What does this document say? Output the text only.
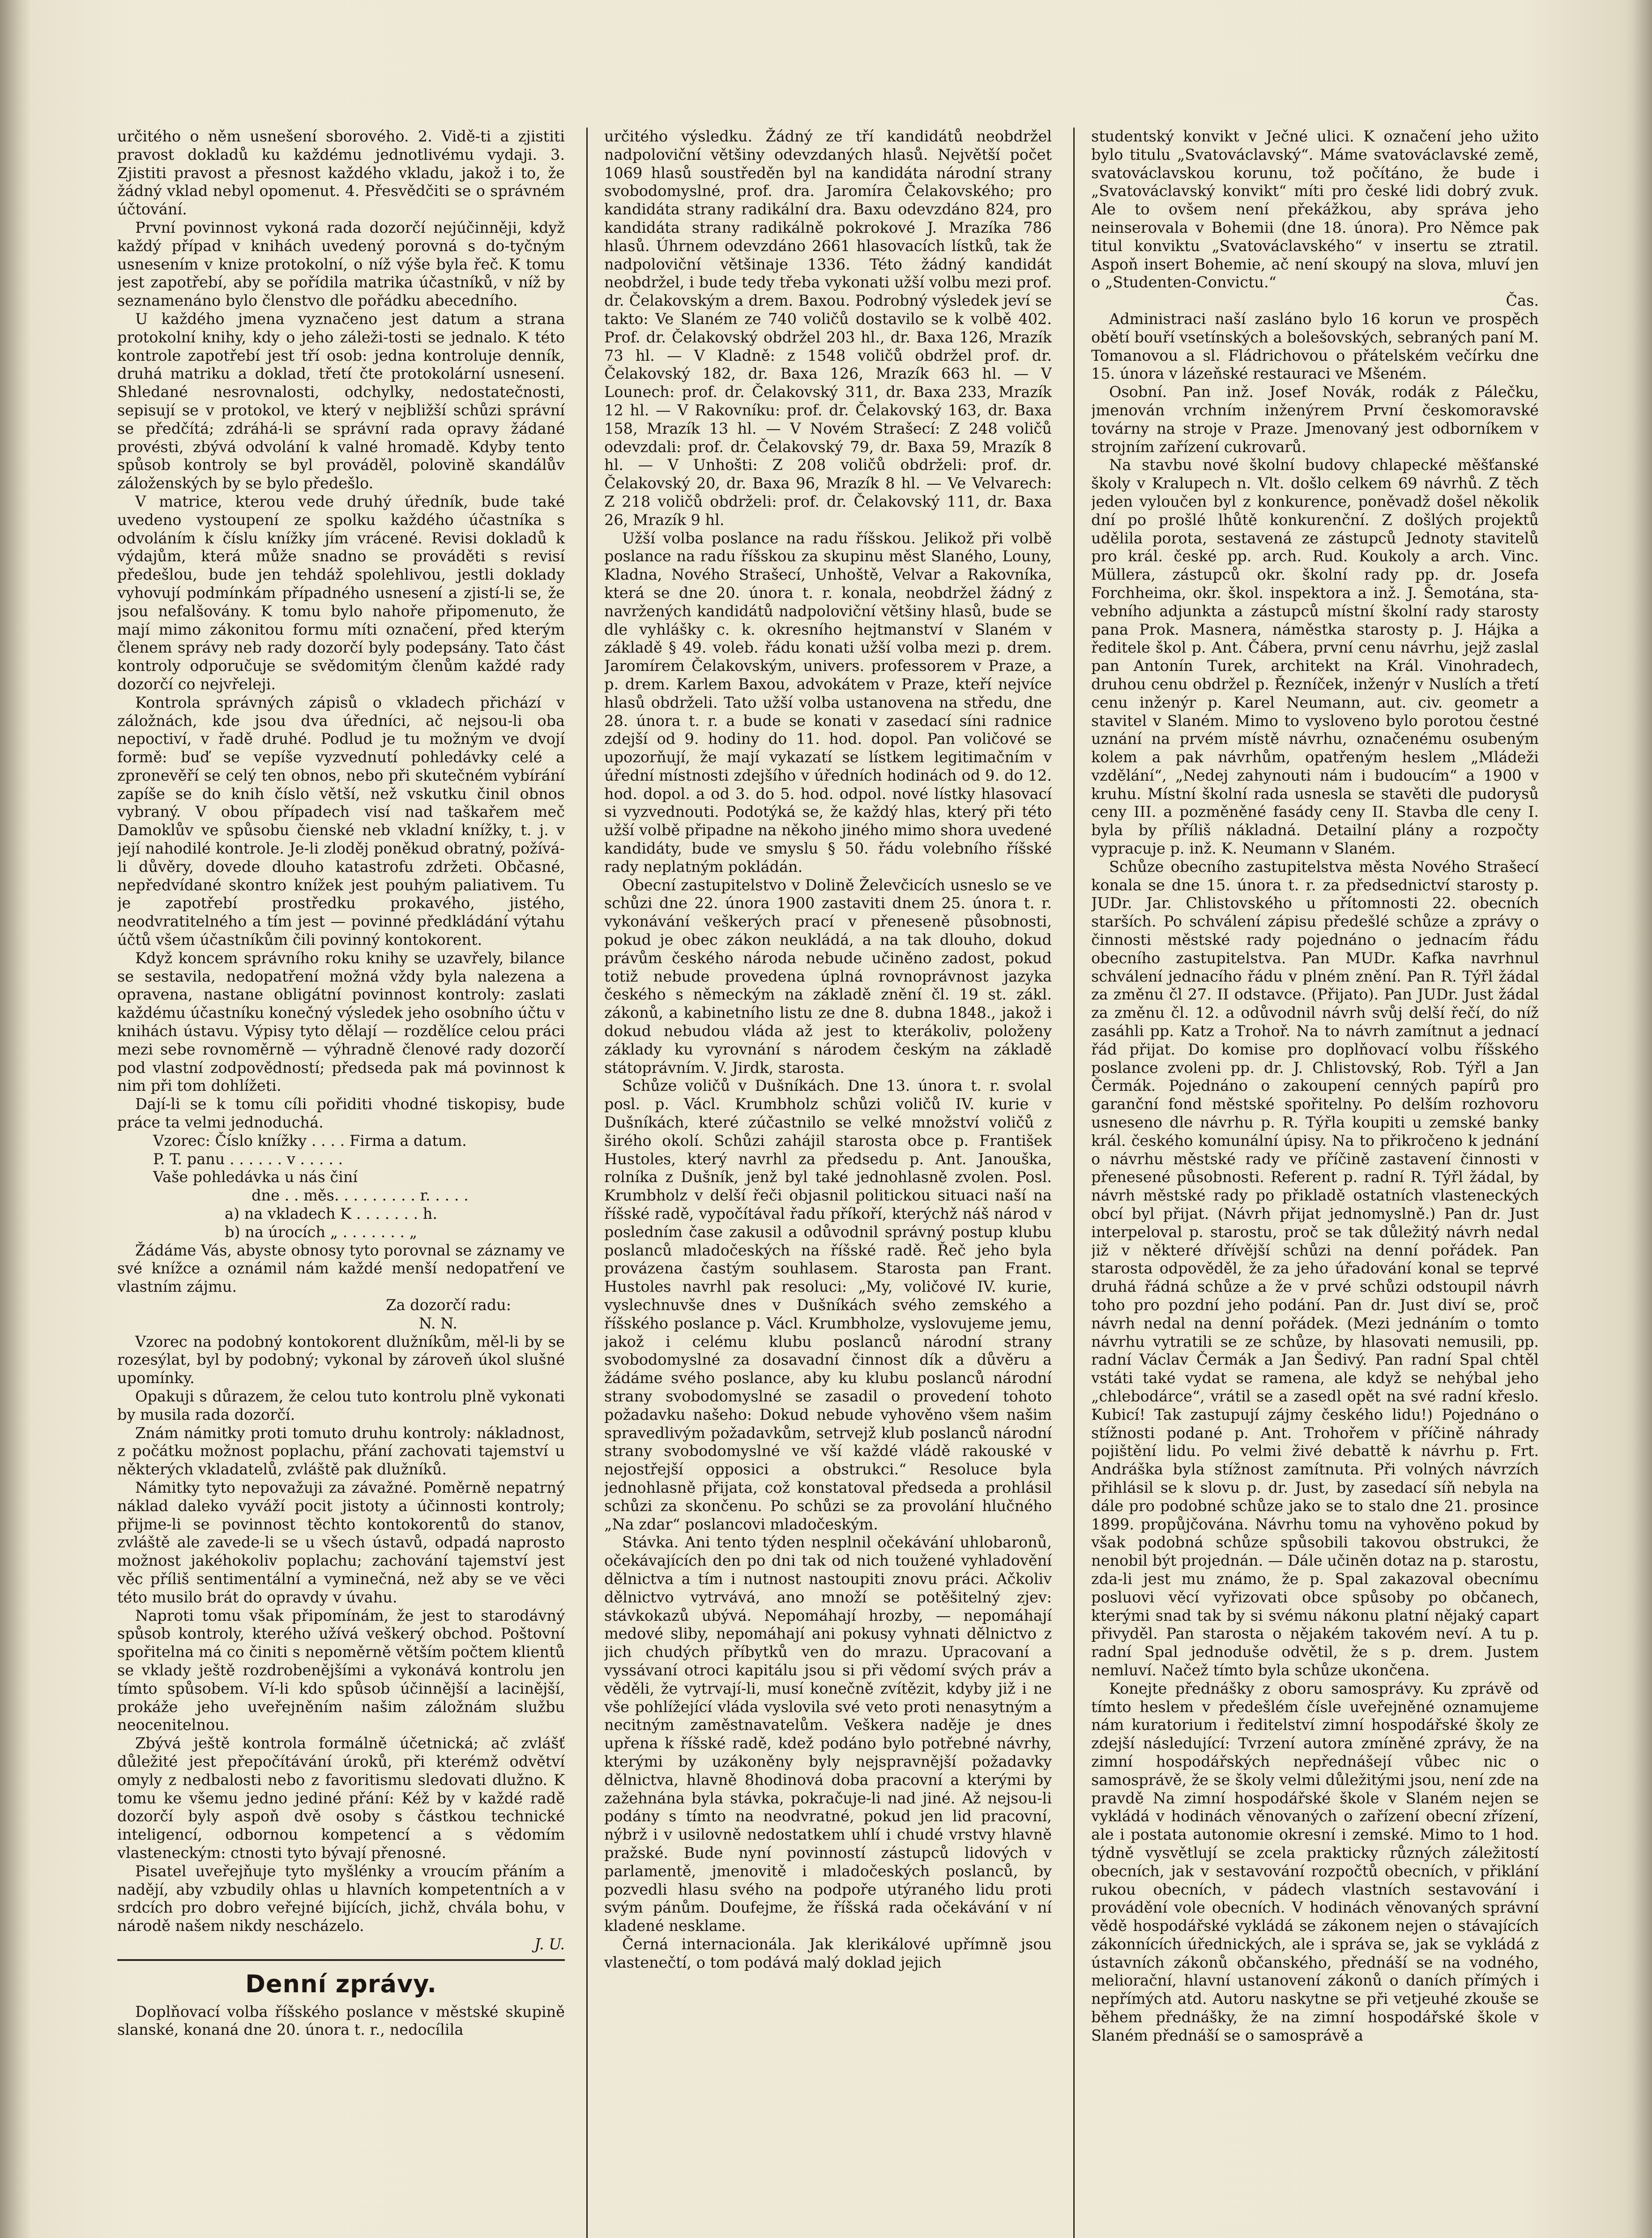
určitého o něm usnešení sborového. 2. Vidě-ti a zjistiti pravost dokladů ku každému jednotlivému vydaji. 3. Zjistiti pravost a přesnost každého vkladu, jakož i to, že žádný vklad nebyl opomenut. 4. Přesvědčiti se o správném účtování.

První povinnost vykoná rada dozorčí nejúčinněji, když každý případ v knihách uvedený porovná s do-tyčným usnesením v knize protokolní, o níž výše byla řeč. K tomu jest zapotřebí, aby se pořídila matrika účastníků, v níž by seznamenáno bylo členstvo dle pořádku abecedního.

U každého jmena vyznačeno jest datum a strana protokolní knihy, kdy o jeho záleži-tosti se jednalo. K této kontrole zapotřebí jest tří osob: jedna kontroluje denník, druhá matriku a doklad, třetí čte protokolární usnesení. Shledané nesrovnalosti, odchylky, nedostatečnosti, sepisují se v protokol, ve který v nejbližší schůzi správní se předčítá; zdráhá-li se správní rada opravy žádané provésti, zbývá odvolání k valné hromadě. Kdyby tento spůsob kontroly se byl prováděl, polovině skandálův záloženských by se bylo předešlo.

V matrice, kterou vede druhý úředník, bude také uvedeno vystoupení ze spolku každého účastníka s odvoláním k číslu knížky jím vrácené. Revisi dokladů k výdajům, která může snadno se prováděti s revisí předešlou, bude jen tehdáž spolehlivou, jestli doklady vyhovují podmínkám případného usnesení a zjistí-li se, že jsou nefalšovány. K tomu bylo nahoře připomenuto, že mají mimo zákonitou formu míti označení, před kterým členem správy neb rady dozorčí byly podepsány. Tato část kontroly odporučuje se svědomitým členům každé rady dozorčí co nejvřeleji.

Kontrola správných zápisů o vkladech přichází v záložnách, kde jsou dva úředníci, ač nejsou-li oba nepoctiví, v řadě druhé. Podlud je tu možným ve dvojí formě: buď se vepíše vyzvednutí pohledávky celé a zpronevěří se celý ten obnos, nebo při skutečném vybírání zapíše se do knih číslo větší, než vskutku činil obnos vybraný. V obou případech visí nad taškařem meč Damoklův ve spůsobu čienské neb vkladní knížky, t. j. v její nahodilé kontrole. Je-li zloděj poněkud obratný, požívá-li důvěry, dovede dlouho katastrofu zdržeti. Občasné, nepředvídané skontro knížek jest pouhým paliativem. Tu je zapotřebí prostředku prokavého, jistého, neodvratitelného a tím jest — povinné předkládání výtahu účtů všem účastníkům čili povinný kontokorent.

Když koncem správního roku knihy se uzavřely, bilance se sestavila, nedopatření možná vždy byla nalezena a opravena, nastane obligátní povinnost kontroly: zaslati každému účastníku konečný výsledek jeho osobního účtu v knihách ústavu. Výpisy tyto dělají — rozdělíce celou práci mezi sebe rovnoměrně — výhradně členové rady dozorčí pod vlastní zodpovědností; předseda pak má povinnost k nim při tom dohlížeti.

Dají-li se k tomu cíli pořiditi vhodné tiskopisy, bude práce ta velmi jednoduchá.

Vzorec: Číslo knížky . . . . Firma a datum.

P. T. panu . . . . . . v . . . . .

Vaše pohledávka u nás činí

dne . . měs. . . . . . . . . r. . . . .

a) na vkladech K . . . . . . . h.

b) na úrocích „ . . . . . . . „

Žádáme Vás, abyste obnosy tyto porovnal se záznamy ve své knížce a oznámil nám každé menší nedopatření ve vlastním zájmu.

Za dozorčí radu:

N. N.

Vzorec na podobný kontokorent dlužníkům, měl-li by se rozesýlat, byl by podobný; vykonal by zároveň úkol slušné upomínky.

Opakuji s důrazem, že celou tuto kontrolu plně vykonati by musila rada dozorčí.

Znám námitky proti tomuto druhu kontroly: nákladnost, z počátku možnost poplachu, přání zachovati tajemství u některých vkladatelů, zvláště pak dlužníků.

Námitky tyto nepovažuji za závažné. Poměrně nepatrný náklad daleko vyváží pocit jistoty a účinnosti kontroly; přijme-li se povinnost těchto kontokorentů do stanov, zvláště ale zavede-li se u všech ústavů, odpadá naprosto možnost jakéhokoliv poplachu; zachování tajemství jest věc příliš sentimentální a vyminečná, než aby se ve věci této musilo brát do opravdy v úvahu.

Naproti tomu však připomínám, že jest to starodávný spůsob kontroly, kterého užívá veškerý obchod. Poštovní spořitelna má co činiti s nepoměrně větším počtem klientů se vklady ještě rozdrobenějšími a vykonává kontrolu jen tímto spůsobem. Ví-li kdo spůsob účinnější a lacinější, prokáže jeho uveřejněním našim záložnám službu neocenitelnou.

Zbývá ještě kontrola formálně účetnická; ač zvlášť důležité jest přepočítávání úroků, při kterémž odvětví omyly z nedbalosti nebo z favoritismu sledovati dlužno. K tomu ke všemu jedno jediné přání: Kéž by v každé radě dozorčí byly aspoň dvě osoby s částkou technické inteligencí, odbornou kompetencí a s vědomím vlasteneckým: ctnosti tyto bývají přenosné.

Pisatel uveřejňuje tyto myšlénky a vroucím přáním a nadějí, aby vzbudily ohlas u hlavních kompetentních a v srdcích pro dobro veřejné bijících, jichž, chvála bohu, v národě našem nikdy nescházelo.

J. U.

Denní zprávy.

Doplňovací volba říšského poslance v městské skupině slanské, konaná dne 20. února t. r., nedocílila

určitého výsledku. Žádný ze tří kandidátů neobdržel nadpoloviční většiny odevzdaných hlasů. Největší počet 1069 hlasů soustředěn byl na kandidáta národní strany svobodomyslné, prof. dra. Jaromíra Čelakovského; pro kandidáta strany radikální dra. Baxu odevzdáno 824, pro kandidáta strany radikálně pokrokové J. Mrazíka 786 hlasů. Úhrnem odevzdáno 2661 hlasovacích lístků, tak že nadpoloviční většinaje 1336. Této žádný kandidát neobdržel, i bude tedy třeba vykonati užší volbu mezi prof. dr. Čelakovským a drem. Baxou. Podrobný výsledek jeví se takto: Ve Slaném ze 740 voličů dostavilo se k volbě 402. Prof. dr. Čelakovský obdržel 203 hl., dr. Baxa 126, Mrazík 73 hl. — V Kladně: z 1548 voličů obdržel prof. dr. Čelakovský 182, dr. Baxa 126, Mrazík 663 hl. — V Lounech: prof. dr. Čelakovský 311, dr. Baxa 233, Mrazík 12 hl. — V Rakovníku: prof. dr. Čelakovský 163, dr. Baxa 158, Mrazík 13 hl. — V Novém Strašecí: Z 248 voličů odevzdali: prof. dr. Čelakovský 79, dr. Baxa 59, Mrazík 8 hl. — V Unhošti: Z 208 voličů obdrželi: prof. dr. Čelakovský 20, dr. Baxa 96, Mrazík 8 hl. — Ve Velvarech: Z 218 voličů obdrželi: prof. dr. Čelakovský 111, dr. Baxa 26, Mrazík 9 hl.

Užší volba poslance na radu říšskou. Jelikož při volbě poslance na radu říšskou za skupinu měst Slaného, Louny, Kladna, Nového Strašecí, Unhoště, Velvar a Rakovníka, která se dne 20. února t. r. konala, neobdržel žádný z navržených kandidátů nadpoloviční většiny hlasů, bude se dle vyhlášky c. k. okresního hejtmanství v Slaném v základě § 49. voleb. řádu konati užší volba mezi p. drem. Jaromírem Čelakovským, univers. professorem v Praze, a p. drem. Karlem Baxou, advokátem v Praze, kteří nejvíce hlasů obdrželi. Tato užší volba ustanovena na středu, dne 28. února t. r. a bude se konati v zasedací síni radnice zdejší od 9. hodiny do 11. hod. dopol. Pan voličové se upozorňují, že mají vykazatí se lístkem legitimačním v úřední místnosti zdejšího v úředních hodinách od 9. do 12. hod. dopol. a od 3. do 5. hod. odpol. nové lístky hlasovací si vyzvednouti. Podotýká se, že každý hlas, který při této užší volbě připadne na někoho jiného mimo shora uvedené kandidáty, bude ve smyslu § 50. řádu volebního říšské rady neplatným pokládán.

Obecní zastupitelstvo v Dolině Želevčicích usneslo se ve schůzi dne 22. února 1900 zastaviti dnem 25. února t. r. vykonávání veškerých prací v přeneseně působnosti, pokud je obec zákon neukládá, a na tak dlouho, dokud právům českého národa nebude učiněno zadost, pokud totiž nebude provedena úplná rovnoprávnost jazyka českého s německým na základě znění čl. 19 st. zákl. zákonů, a kabinetního listu ze dne 8. dubna 1848., jakož i dokud nebudou vláda až jest to kterákoliv, položeny základy ku vyrovnání s národem českým na základě státoprávním. V. Jirdk, starosta.

Schůze voličů v Dušníkách. Dne 13. února t. r. svolal posl. p. Václ. Krumbholz schůzi voličů IV. kurie v Dušníkách, které zúčastnilo se velké množství voličů z širého okolí. Schůzi zahájil starosta obce p. František Hustoles, který navrhl za předsedu p. Ant. Janouška, rolníka z Dušník, jenž byl také jednohlasně zvolen. Posl. Krumbholz v delší řeči objasnil politickou situaci naší na říšské radě, vypočítával řadu příkoří, kterýchž náš národ v posledním čase zakusil a odůvodnil správný postup klubu poslanců mladočeských na říšské radě. Řeč jeho byla provázena častým souhlasem. Starosta pan Frant. Hustoles navrhl pak resoluci: „My, voličové IV. kurie, vyslechnuvše dnes v Dušníkách svého zemského a říšského poslance p. Václ. Krumbholze, vyslovujeme jemu, jakož i celému klubu poslanců národní strany svobodomyslné za dosavadní činnost dík a důvěru a žádáme svého poslance, aby ku klubu poslanců národní strany svobodomyslné se zasadil o provedení tohoto požadavku našeho: Dokud nebude vyhověno všem našim spravedlivým požadavkům, setrvejž klub poslanců národní strany svobodomyslné ve vší každé vládě rakouské v nejostřejší opposici a obstrukci.“ Resoluce byla jednohlasně přijata, což konstatoval předseda a prohlásil schůzi za skončenu. Po schůzi se za provolání hlučného „Na zdar“ poslancovi mladočeským.

Stávka. Ani tento týden nesplnil očekávání uhlobaronů, očekávajících den po dni tak od nich toužené vyhladovění dělnictva a tím i nutnost nastoupiti znovu práci. Ačkoliv dělnictvo vytrvává, ano množí se potěšitelný zjev: stávkokazů ubývá. Nepomáhají hrozby, — nepomáhají medové sliby, nepomáhají ani pokusy vyhnati dělnictvo z jich chudých příbytků ven do mrazu. Upracovaní a vyssávaní otroci kapitálu jsou si při vědomí svých práv a věděli, že vytrvají-li, musí konečně zvítězit, kdyby již i ne vše pohlížející vláda vyslovila své veto proti nenasytným a necitným zaměstnavatelům. Veškera naděje je dnes upřena k říšské radě, kdež podáno bylo potřebné návrhy, kterými by uzákoněny byly nejspravnější požadavky dělnictva, hlavně 8hodinová doba pracovní a kterými by zažehnána byla stávka, pokračuje-li nad jiné. Až nejsou-li podány s tímto na neodvratné, pokud jen lid pracovní, nýbrž i v usilovně nedostatkem uhlí i chudé vrstvy hlavně pražské. Bude nyní povinností zástupců lidových v parlamentě, jmenovitě i mladočeských poslanců, by pozvedli hlasu svého na podpoře utýraného lidu proti svým pánům. Doufejme, že říšská rada očekávání v ní kladené nesklame.

Černá internacionála. Jak klerikálové upřímně jsou vlastenečtí, o tom podává malý doklad jejich

studentský konvikt v Ječné ulici. K označení jeho užito bylo titulu „Svatováclavský“. Máme svatováclavské země, svatováclavskou korunu, tož počítáno, že bude i „Svatováclavský konvikt“ míti pro české lidi dobrý zvuk. Ale to ovšem není překážkou, aby správa jeho neinserovala v Bohemii (dne 18. února). Pro Němce pak titul konviktu „Svatováclavského“ v insertu se ztratil. Aspoň insert Bohemie, ač není skoupý na slova, mluví jen o „Studenten-Convictu.“

Čas.

Administraci naší zasláno bylo 16 korun ve prospěch obětí bouří vsetínských a bolešovských, sebraných paní M. Tomanovou a sl. Fládrichovou o přátelském večírku dne 15. února v lázeňské restauraci ve Mšeném.

Osobní. Pan inž. Josef Novák, rodák z Pálečku, jmenován vrchním inženýrem První českomoravské továrny na stroje v Praze. Jmenovaný jest odborníkem v strojním zařízení cukrovarů.

Na stavbu nové školní budovy chlapecké měšťanské školy v Kralupech n. Vlt. došlo celkem 69 návrhů. Z těch jeden vyloučen byl z konkurence, poněvadž došel několik dní po prošlé lhůtě konkurenční. Z došlých projektů udělila porota, sestavená ze zástupců Jednoty stavitelů pro král. české pp. arch. Rud. Koukoly a arch. Vinc. Müllera, zástupců okr. školní rady pp. dr. Josefa Forchheima, okr. škol. inspektora a inž. J. Šemotána, sta- vebního adjunkta a zástupců místní školní rady starosty pana Prok. Masnera, náměstka starosty p. J. Hájka a ředitele škol p. Ant. Čábera, první cenu návrhu, jejž zaslal pan Antonín Turek, architekt na Král. Vinohradech, druhou cenu obdržel p. Řezníček, inženýr v Nuslích a třetí cenu inženýr p. Karel Neumann, aut. civ. geometr a stavitel v Slaném. Mimo to vysloveno bylo porotou čestné uznání na prvém místě návrhu, označenému osubeným kolem a pak návrhům, opatřeným heslem „Mládeži vzdělání“, „Nedej zahynouti nám i budoucím“ a 1900 v kruhu. Místní školní rada usnesla se stavěti dle pudorysů ceny III. a pozměněné fasády ceny II. Stavba dle ceny I. byla by příliš nákladná. Detailní plány a rozpočty vypracuje p. inž. K. Neumann v Slaném.

Schůze obecního zastupitelstva města Nového Strašecí konala se dne 15. února t. r. za předsednictví starosty p. JUDr. Jar. Chlistovského u přítomnosti 22. obecních starších. Po schválení zápisu předešlé schůze a zprávy o činnosti městské rady pojednáno o jednacím řádu obecního zastupitelstva. Pan MUDr. Kafka navrhnul schválení jednacího řádu v plném znění. Pan R. Týřl žádal za změnu čl 27. II odstavce. (Přijato). Pan JUDr. Just žádal za změnu čl. 12. a odůvodnil návrh svůj delší řečí, do níž zasáhli pp. Katz a Trohoř. Na to návrh zamítnut a jednací řád přijat. Do komise pro doplňovací volbu říšského poslance zvoleni pp. dr. J. Chlistovský, Rob. Týřl a Jan Čermák. Pojednáno o zakoupení cenných papírů pro garanční fond městské spořitelny. Po delším rozhovoru usneseno dle návrhu p. R. Týřla koupiti u zemské banky král. českého komunální úpisy. Na to přikročeno k jednání o návrhu městské rady ve příčině zastavení činnosti v přenesené působnosti. Referent p. radní R. Týřl žádal, by návrh městské rady po přikladě ostatních vlasteneckých obcí byl přijat. (Návrh přijat jednomyslně.) Pan dr. Just interpeloval p. starostu, proč se tak důležitý návrh nedal již v některé dřívější schůzi na denní pořádek. Pan starosta odpověděl, že za jeho úřadování konal se teprvé druhá řádná schůze a že v prvé schůzi odstoupil návrh toho pro pozdní jeho podání. Pan dr. Just diví se, proč návrh nedal na denní pořádek. (Mezi jednáním o tomto návrhu vytratili se ze schůze, by hlasovati nemusili, pp. radní Václav Čermák a Jan Šedivý. Pan radní Spal chtěl vstáti také vydat se ramena, ale když se nehýbal jeho „chlebodárce“, vrátil se a zasedl opět na své radní křeslo. Kubicí! Tak zastupují zájmy českého lidu!) Pojednáno o stížnosti podané p. Ant. Trohořem v příčině náhrady pojištění lidu. Po velmi živé debattě k návrhu p. Frt. Andráška byla stížnost zamítnuta. Při volných návrzích přihlásil se k slovu p. dr. Just, by zasedací síň nebyla na dále pro podobné schůze jako se to stalo dne 21. prosince 1899. propůjčována. Návrhu tomu na vyhověno pokud by však podobná schůze spůsobili takovou obstrukci, že nenobil být projednán. — Dále učiněn dotaz na p. starostu, zda-li jest mu známo, že p. Spal zakazoval obecnímu posluovi věcí vyřizovati obce spůsoby po občanech, kterými snad tak by si svému nákonu platní nějaký capart přivyděl. Pan starosta o nějakém takovém neví. A tu p. radní Spal jednoduše odvětil, že s p. drem. Justem nemluví. Načež tímto byla schůze ukončena.

Konejte přednášky z oboru samosprávy. Ku zprávě od tímto heslem v předešlém čísle uveřejněné oznamujeme nám kuratorium i ředitelství zimní hospodářské školy ze zdejší následující: Tvrzení autora zmíněné zprávy, že na zimní hospodářských nepřednášejí vůbec nic o samosprávě, že se školy velmi důležitými jsou, není zde na pravdě Na zimní hospodářské škole v Slaném nejen se vykládá v hodinách věnovaných o zařízení obecní zřízení, ale i postata autonomie okresní i zemské. Mimo to 1 hod. týdně vysvětlují se zcela prakticky různých záležitostí obecních, jak v sestavování rozpočtů obecních, v přiklání rukou obecních, v pádech vlastních sestavování i provádění vole obecních. V hodinách věnovaných správní vědě hospodářské vykládá se zákonem nejen o stávajících zákonnících úřednických, ale i správa se, jak se vykládá z ústavních zákonů občanského, přednáší se na vodného, meliorační, hlavní ustanovení zákonů o daních přímých i nepřímých atd. Autoru naskytne se při vetjeuhé zkouše se během přednášky, že na zimní hospodářské škole v Slaném přednáší se o samosprávě a
